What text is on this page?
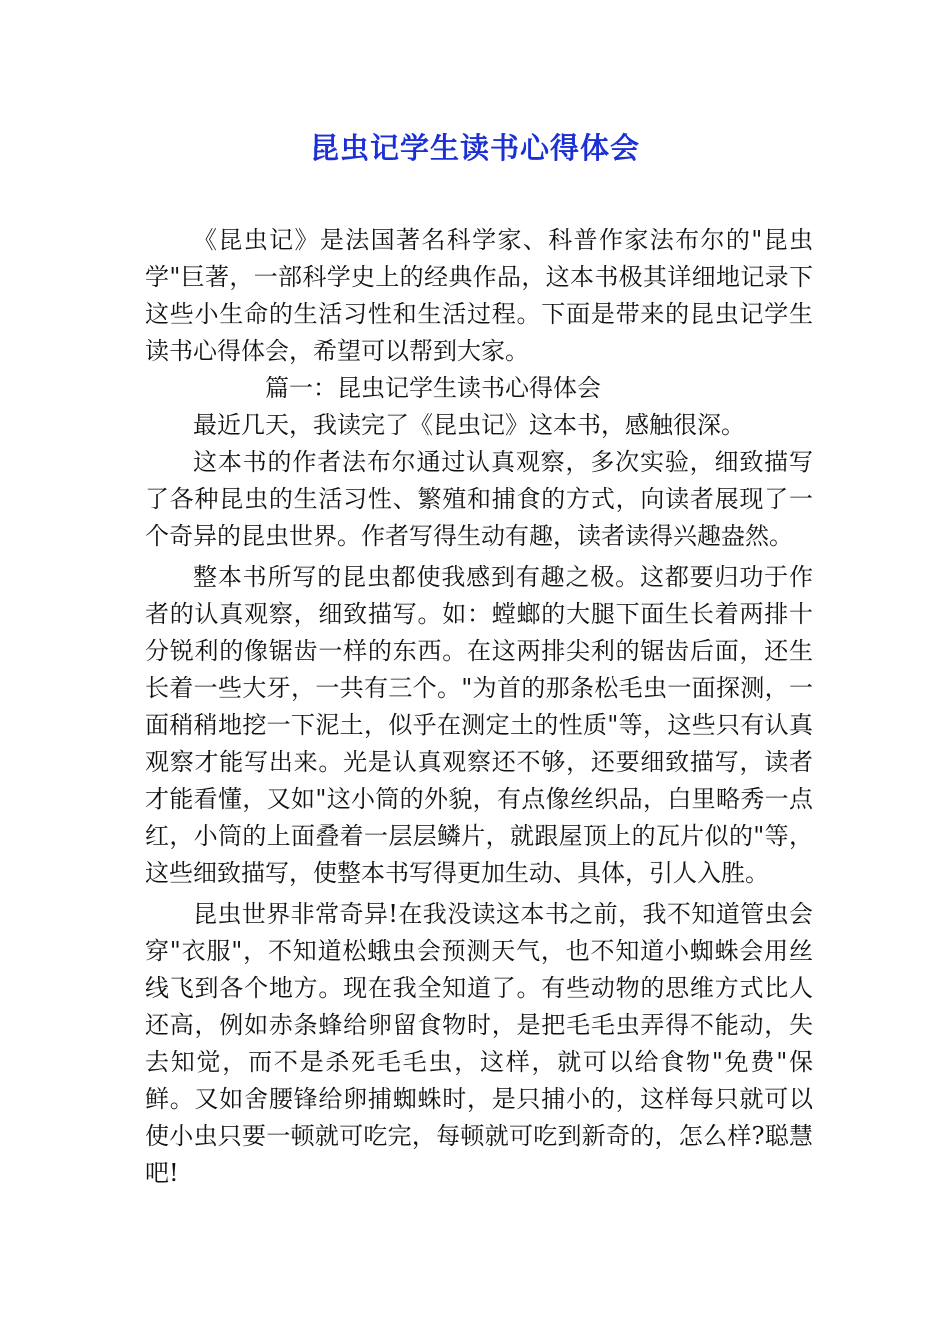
昆虫记学生读书心得体会

《昆虫记》是法国著名科学家、科普作家法布尔的"昆虫学"巨著，一部科学史上的经典作品，这本书极其详细地记录下这些小生命的生活习性和生活过程。下面是带来的昆虫记学生读书心得体会，希望可以帮到大家。

篇一：昆虫记学生读书心得体会

最近几天，我读完了《昆虫记》这本书，感触很深。

这本书的作者法布尔通过认真观察，多次实验，细致描写了各种昆虫的生活习性、繁殖和捕食的方式，向读者展现了一个奇异的昆虫世界。作者写得生动有趣，读者读得兴趣盎然。

整本书所写的昆虫都使我感到有趣之极。这都要归功于作者的认真观察，细致描写。如：螳螂的大腿下面生长着两排十分锐利的像锯齿一样的东西。在这两排尖利的锯齿后面，还生长着一些大牙，一共有三个。"为首的那条松毛虫一面探测，一面稍稍地挖一下泥土，似乎在测定土的性质"等，这些只有认真观察才能写出来。光是认真观察还不够，还要细致描写，读者才能看懂，又如"这小筒的外貌，有点像丝织品，白里略秀一点红，小筒的上面叠着一层层鳞片，就跟屋顶上的瓦片似的"等，这些细致描写，使整本书写得更加生动、具体，引人入胜。

昆虫世界非常奇异!在我没读这本书之前，我不知道管虫会穿"衣服"，不知道松蛾虫会预测天气，也不知道小蜘蛛会用丝线飞到各个地方。现在我全知道了。有些动物的思维方式比人还高，例如赤条蜂给卵留食物时，是把毛毛虫弄得不能动，失去知觉，而不是杀死毛毛虫，这样，就可以给食物"免费"保鲜。又如舍腰锋给卵捕蜘蛛时，是只捕小的，这样每只就可以使小虫只要一顿就可吃完，每顿就可吃到新奇的，怎么样?聪慧吧!
